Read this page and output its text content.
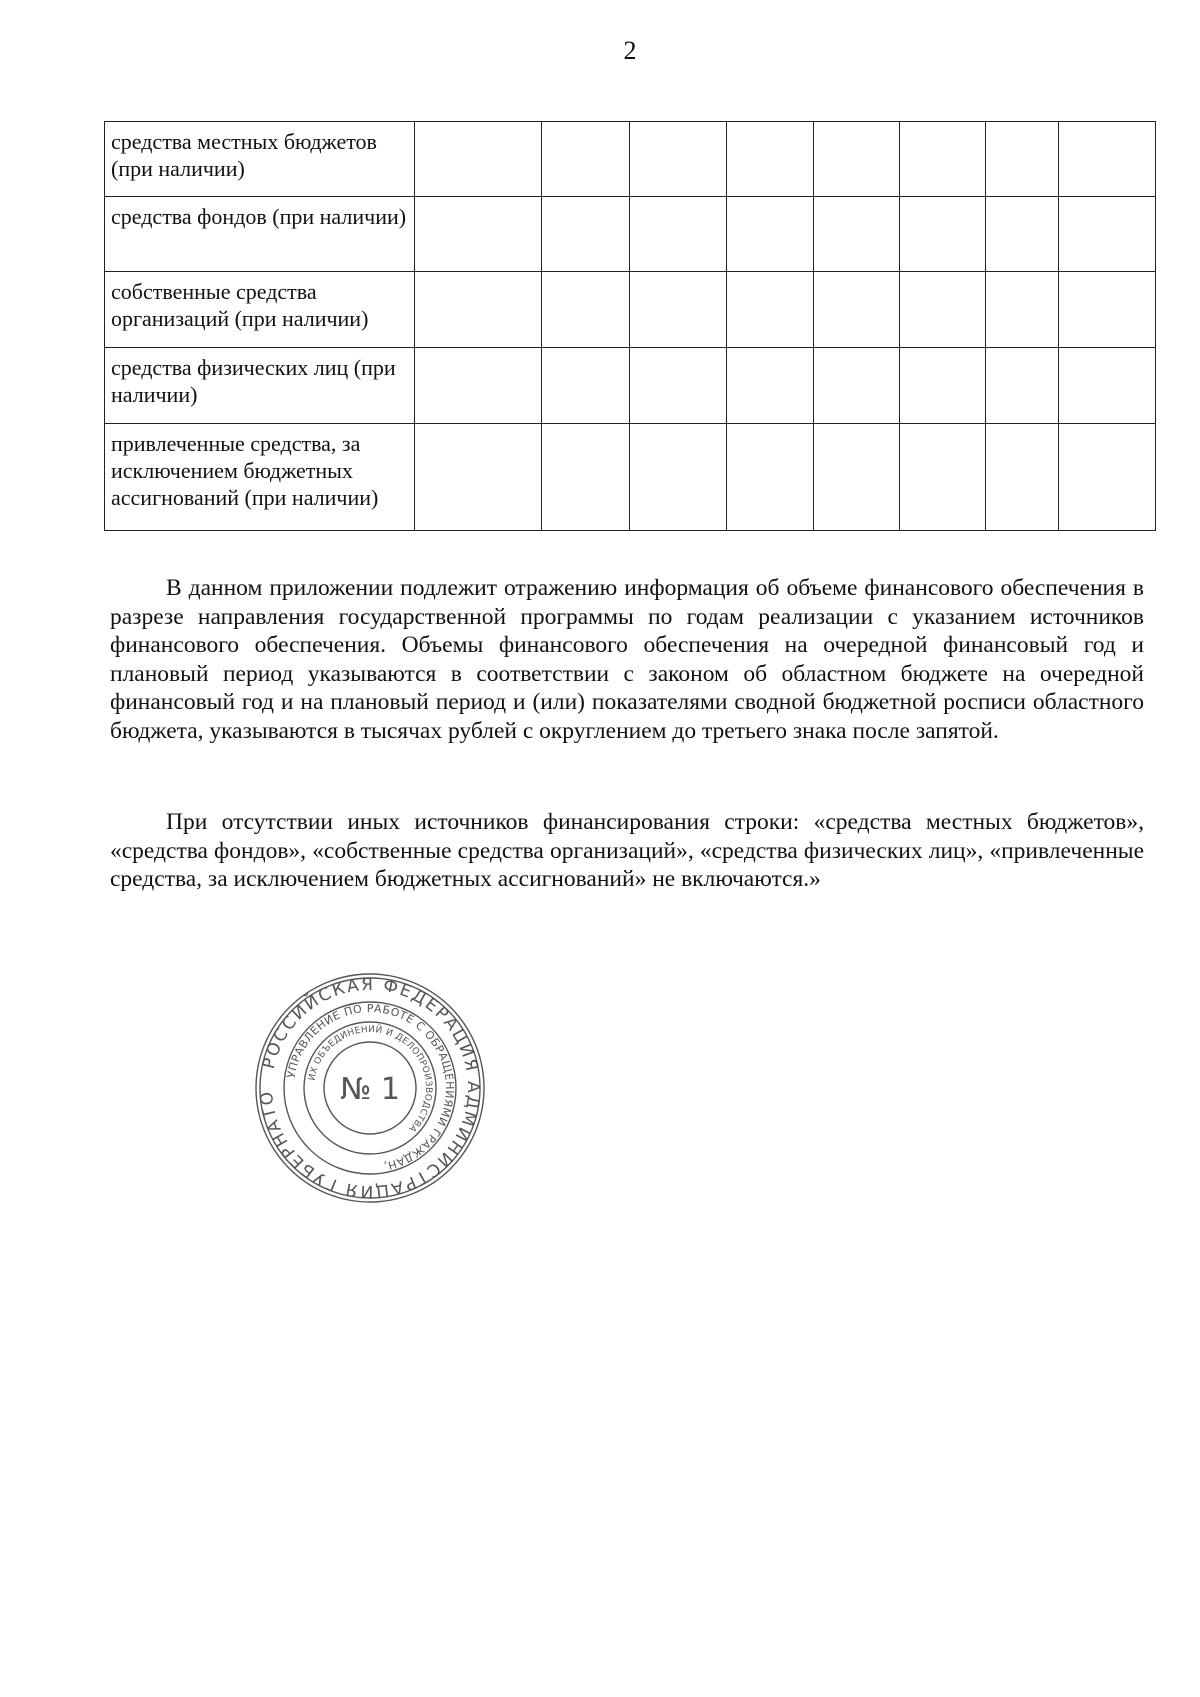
2
средства местных бюджетов (при наличии)								
средства фондов (при наличии)								
собственные средства организаций (при наличии)								
средства физических лиц (при наличии)								
привлеченные средства, за исключением бюджетных ассигнований (при наличии)								

В данном приложении подлежит отражению информация об объеме финансового обеспечения в разрезе направления государственной программы по годам реализации с указанием источников финансового обеспечения. Объемы финансового обеспечения на очередной финансовый год и плановый период указываются в соответствии с законом об областном бюджете на очередной финансовый год и на плановый период и (или) показателями сводной бюджетной росписи областного бюджета, указываются в тысячах рублей с округлением до третьего знака после запятой.

При отсутствии иных источников финансирования строки: «средства местных бюджетов», «средства фондов», «собственные средства организаций», «средства физических лиц», «привлеченные средства, за исключением бюджетных ассигнований» не включаются.»

РОССИЙСКАЯ ФЕДЕРАЦИЯ АДМИНИСТРАЦИЯ ГУБЕРНАТО
УПРАВЛЕНИЕ ПО РАБОТЕ С ОБРАЩЕНИЯМИ ГРАЖДАН,
ИХ ОБЪЕДИНЕНИЙ И ДЕЛОПРОИЗВОДСТВА
№ 1
